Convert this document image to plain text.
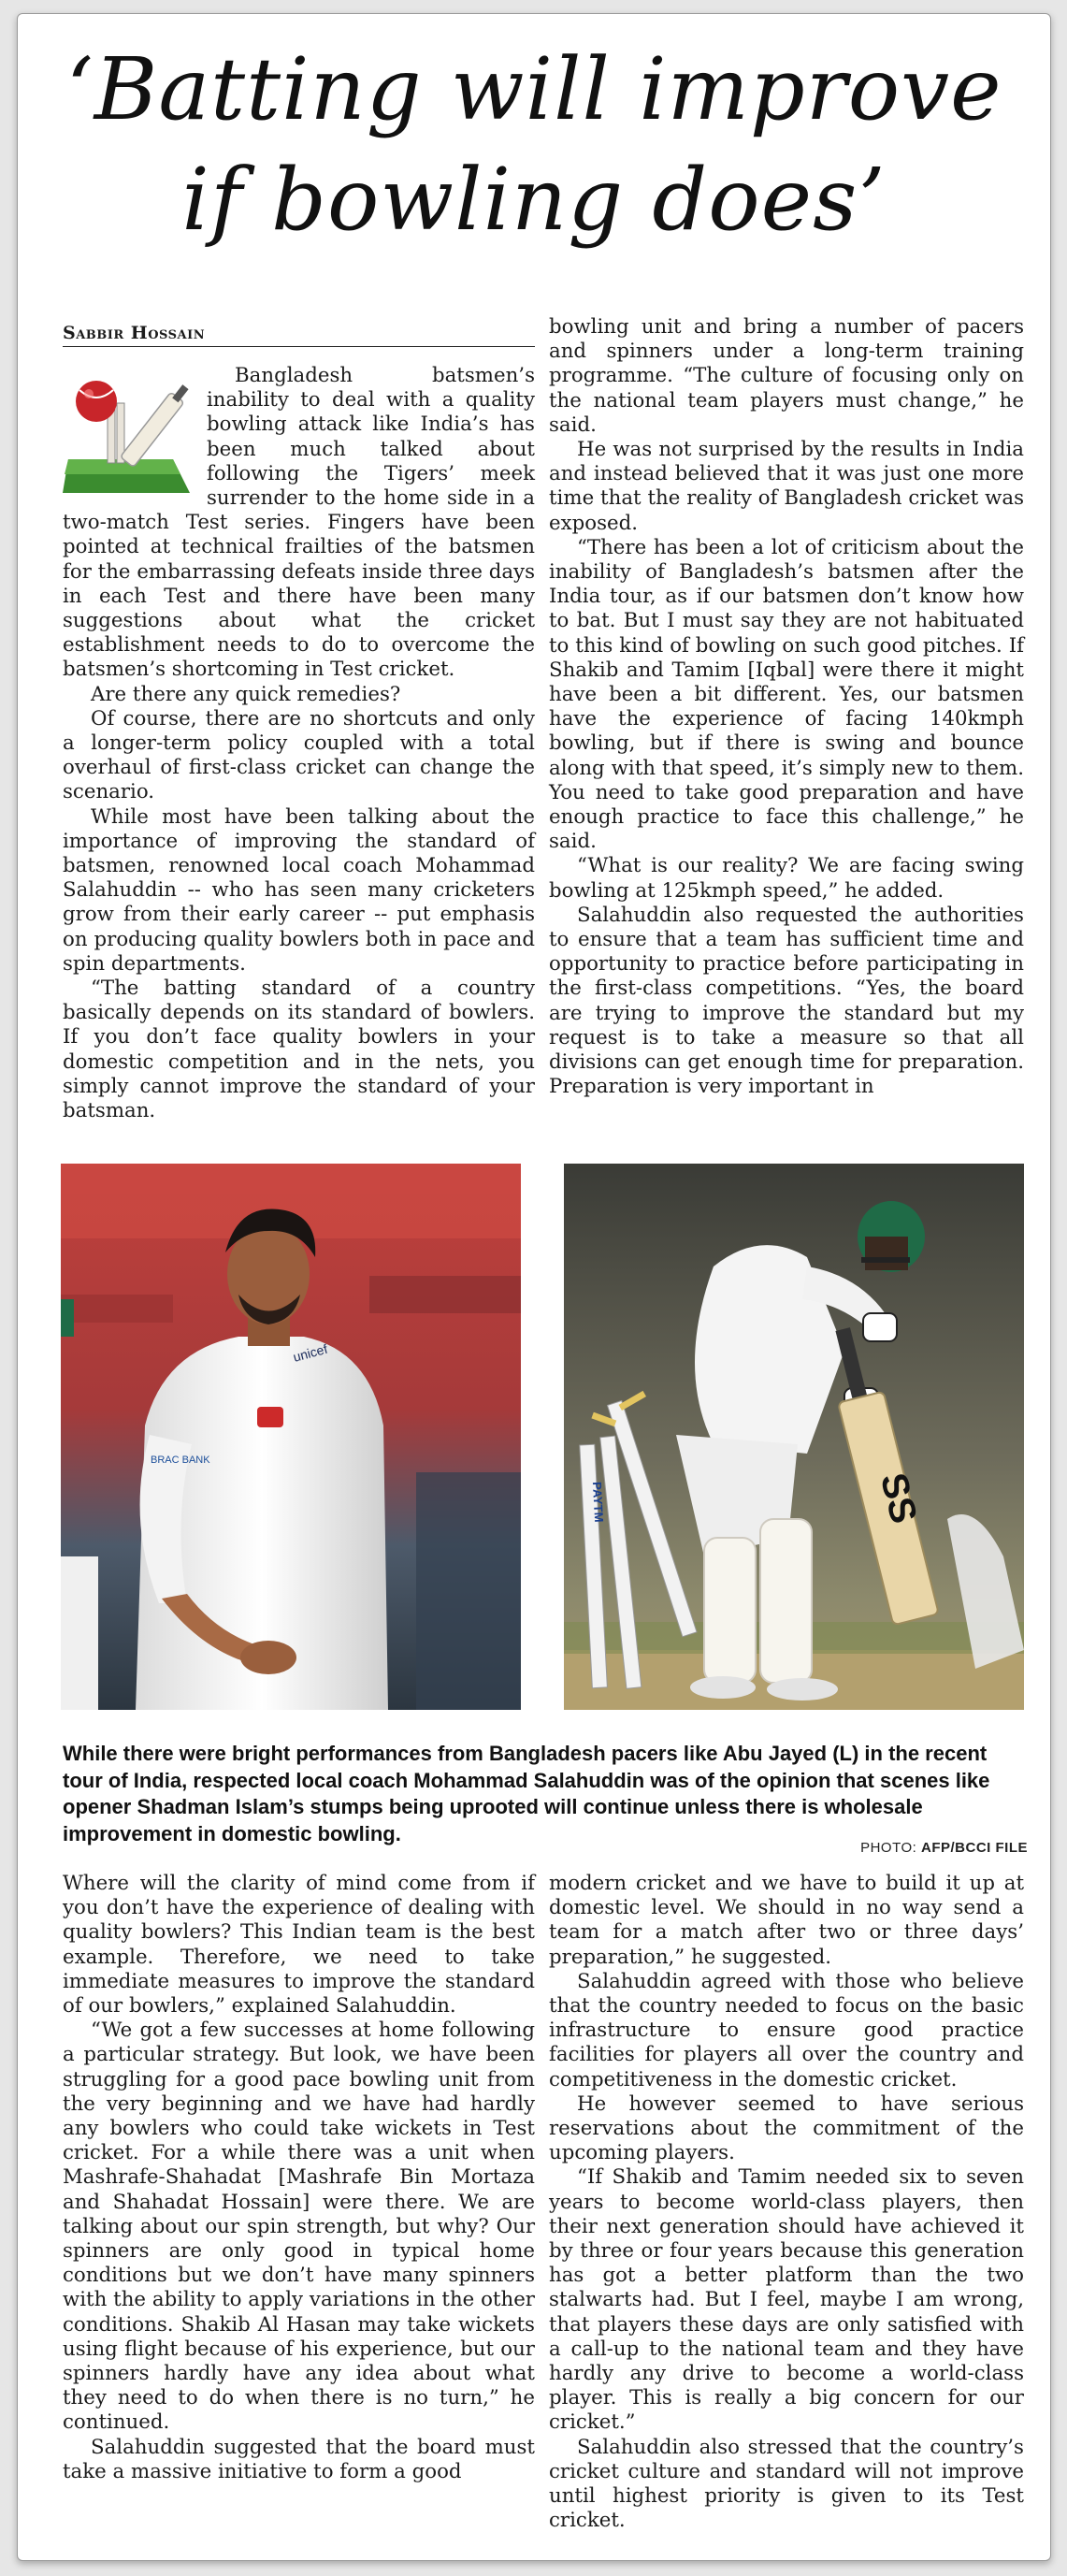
‘Batting will improve
if bowling does’
Sabbir Hossain

Bangladesh batsmen’s inability to deal with a quality bowling attack like India’s has been much talked about following the Tigers’ meek surrender to the home side in a two-match Test series. Fingers have been pointed at technical frailties of the batsmen for the embarrassing defeats inside three days in each Test and there have been many suggestions about what the cricket establishment needs to do to overcome the batsmen’s shortcoming in Test cricket.

Are there any quick remedies?

Of course, there are no shortcuts and only a longer-term policy coupled with a total overhaul of first-class cricket can change the scenario.

While most have been talking about the importance of improving the standard of batsmen, renowned local coach Mohammad Salahuddin -- who has seen many cricketers grow from their early career -- put emphasis on producing quality bowlers both in pace and spin departments.

“The batting standard of a country basically depends on its standard of bowlers. If you don’t face quality bowlers in your domestic competition and in the nets, you simply cannot improve the standard of your batsman.

bowling unit and bring a number of pacers and spinners under a long-term training programme. “The culture of focusing only on the national team players must change,” he said.

He was not surprised by the results in India and instead believed that it was just one more time that the reality of Bangladesh cricket was exposed.

“There has been a lot of criticism about the inability of Bangladesh’s batsmen after the India tour, as if our batsmen don’t know how to bat. But I must say they are not habituated to this kind of bowling on such good pitches. If Shakib and Tamim [Iqbal] were there it might have been a bit different. Yes, our batsmen have the experience of facing 140kmph bowling, but if there is swing and bounce along with that speed, it’s simply new to them. You need to take good preparation and have enough practice to face this challenge,” he said.

“What is our reality? We are facing swing bowling at 125kmph speed,” he added.

Salahuddin also requested the authorities to ensure that a team has sufficient time and opportunity to practice before participating in the first-class competitions. “Yes, the board are trying to improve the standard but my request is to take a measure so that all divisions can get enough time for preparation. Preparation is very important in

unicef
BRAC BANK
SS
PAYTM
While there were bright performances from Bangladesh pacers like Abu Jayed (L) in the recent tour of India, respected local coach Mohammad Salahuddin was of the opinion that scenes like opener Shadman Islam’s stumps being uprooted will continue unless there is wholesale improvement in domestic bowling.
PHOTO: AFP/BCCI FILE

Where will the clarity of mind come from if you don’t have the experience of dealing with quality bowlers? This Indian team is the best example. Therefore, we need to take immediate measures to improve the standard of our bowlers,” explained Salahuddin.

“We got a few successes at home following a particular strategy. But look, we have been struggling for a good pace bowling unit from the very beginning and we have had hardly any bowlers who could take wickets in Test cricket. For a while there was a unit when Mashrafe-Shahadat [Mashrafe Bin Mortaza and Shahadat Hossain] were there. We are talking about our spin strength, but why? Our spinners are only good in typical home conditions but we don’t have many spinners with the ability to apply variations in the other conditions. Shakib Al Hasan may take wickets using flight because of his experience, but our spinners hardly have any idea about what they need to do when there is no turn,” he continued.

Salahuddin suggested that the board must take a massive initiative to form a good

modern cricket and we have to build it up at domestic level. We should in no way send a team for a match after two or three days’ preparation,” he suggested.

Salahuddin agreed with those who believe that the country needed to focus on the basic infrastructure to ensure good practice facilities for players all over the country and competitiveness in the domestic cricket.

He however seemed to have serious reservations about the commitment of the upcoming players.

“If Shakib and Tamim needed six to seven years to become world-class players, then their next generation should have achieved it by three or four years because this generation has got a better platform than the two stalwarts had. But I feel, maybe I am wrong, that players these days are only satisfied with a call-up to the national team and they have hardly any drive to become a world-class player. This is really a big concern for our cricket.”

Salahuddin also stressed that the country’s cricket culture and standard will not improve until highest priority is given to its Test cricket.
